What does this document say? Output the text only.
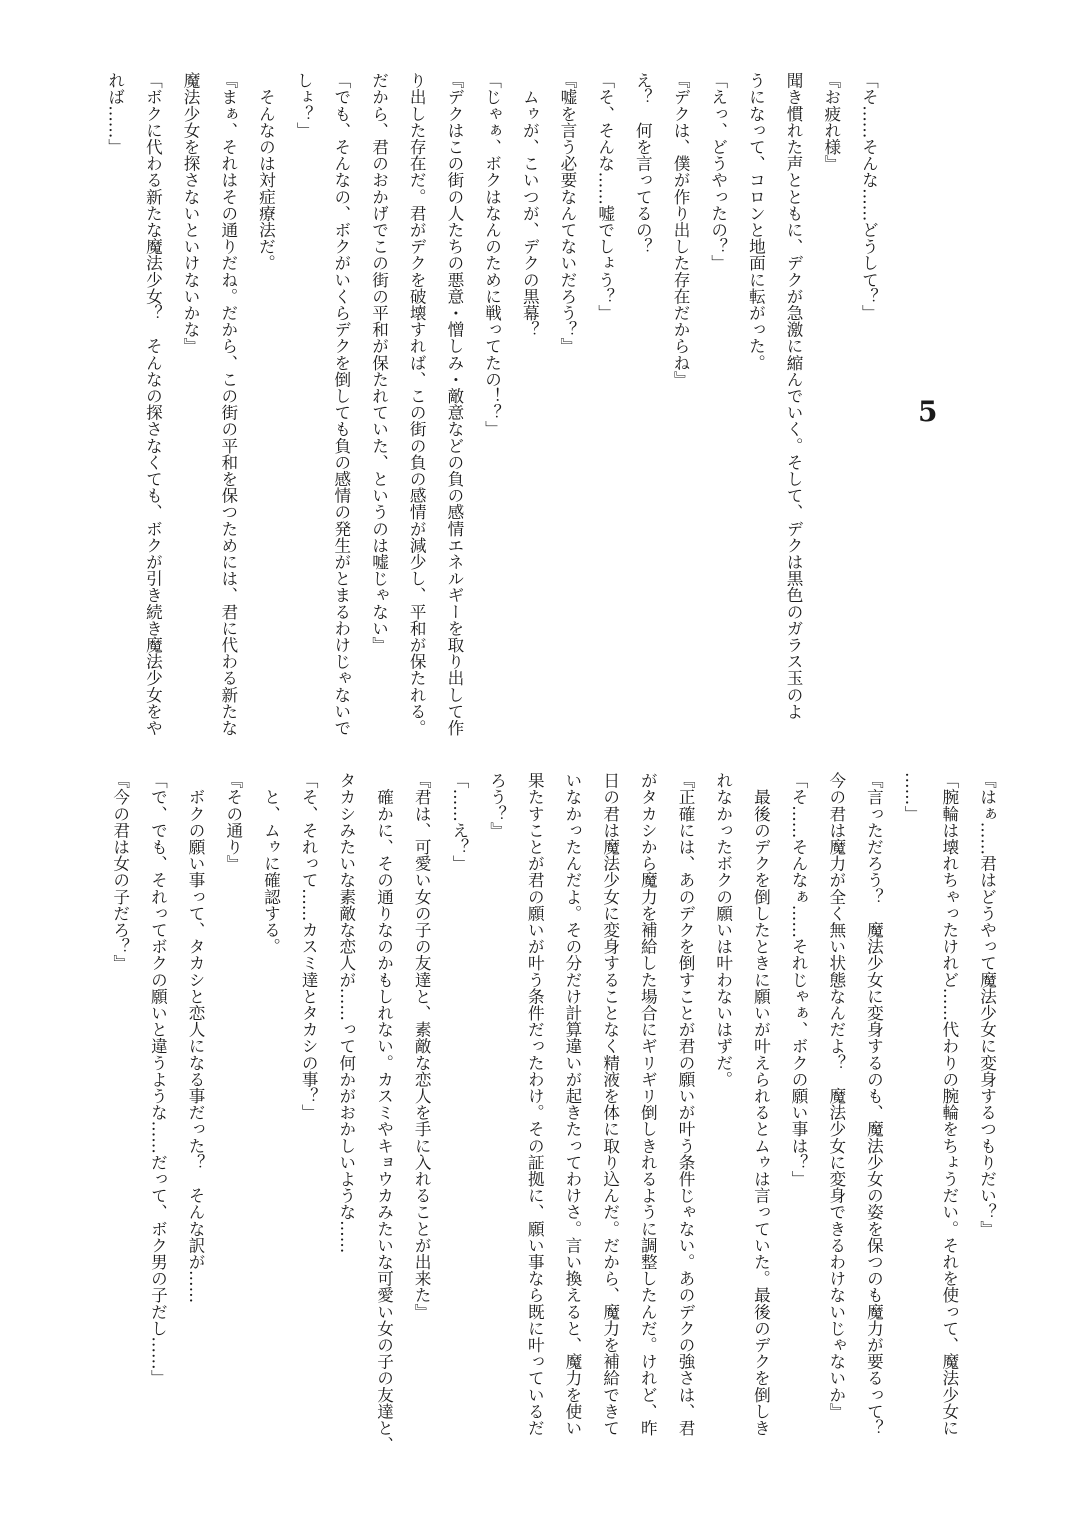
5
「そ……そんな……どうして？」
『お疲れ様』
聞き慣れた声とともに、デクが急激に縮んでいく。そして、デクは黒色のガラス玉のよ
うになって、コロンと地面に転がった。
「えっ、どうやったの？」
『デクは、僕が作り出した存在だからね』
え？　何を言ってるの？
「そ、そんな……嘘でしょう？」
『嘘を言う必要なんてないだろう？』
　ムゥが、こいつが、デクの黒幕？
「じゃぁ、ボクはなんのために戦ってたの！？」
『デクはこの街の人たちの悪意・憎しみ・敵意などの負の感情エネルギーを取り出して作
り出した存在だ。君がデクを破壊すれば、この街の負の感情が減少し、平和が保たれる。
だから、君のおかげでこの街の平和が保たれていた、というのは嘘じゃない』
「でも、そんなの、ボクがいくらデクを倒しても負の感情の発生がとまるわけじゃないで
しょ？」
　そんなのは対症療法だ。
『まぁ、それはその通りだね。だから、この街の平和を保つためには、君に代わる新たな
魔法少女を探さないといけないかな』
「ボクに代わる新たな魔法少女？　そんなの探さなくても、ボクが引き続き魔法少女をや
れば……」
『はぁ……君はどうやって魔法少女に変身するつもりだい？』
「腕輪は壊れちゃったけれど……代わりの腕輪をちょうだい。それを使って、魔法少女に
……」
『言っただろう？　魔法少女に変身するのも、魔法少女の姿を保つのも魔力が要るって？
今の君は魔力が全く無い状態なんだよ？　魔法少女に変身できるわけないじゃないか』
「そ……そんなぁ……それじゃぁ、ボクの願い事は？」
　最後のデクを倒したときに願いが叶えられるとムゥは言っていた。最後のデクを倒しき
れなかったボクの願いは叶わないはずだ。
『正確には、あのデクを倒すことが君の願いが叶う条件じゃない。あのデクの強さは、君
がタカシから魔力を補給した場合にギリギリ倒しきれるように調整したんだ。けれど、昨
日の君は魔法少女に変身することなく精液を体に取り込んだ。だから、魔力を補給できて
いなかったんだよ。その分だけ計算違いが起きたってわけさ。言い換えると、魔力を使い
果たすことが君の願いが叶う条件だったわけ。その証拠に、願い事なら既に叶っているだ
ろう？』
「……え？」
『君は、可愛い女の子の友達と、素敵な恋人を手に入れることが出来た』
　確かに、その通りなのかもしれない。カスミやキョウカみたいな可愛い女の子の友達と、
タカシみたいな素敵な恋人が……って何かがおかしいような……
「そ、それって……カスミ達とタカシの事？」
　と、ムゥに確認する。
『その通り』
　ボクの願い事って、タカシと恋人になる事だった？　そんな訳が……
「で、でも、それってボクの願いと違うような……だって、ボク男の子だし……」
『今の君は女の子だろ？』
